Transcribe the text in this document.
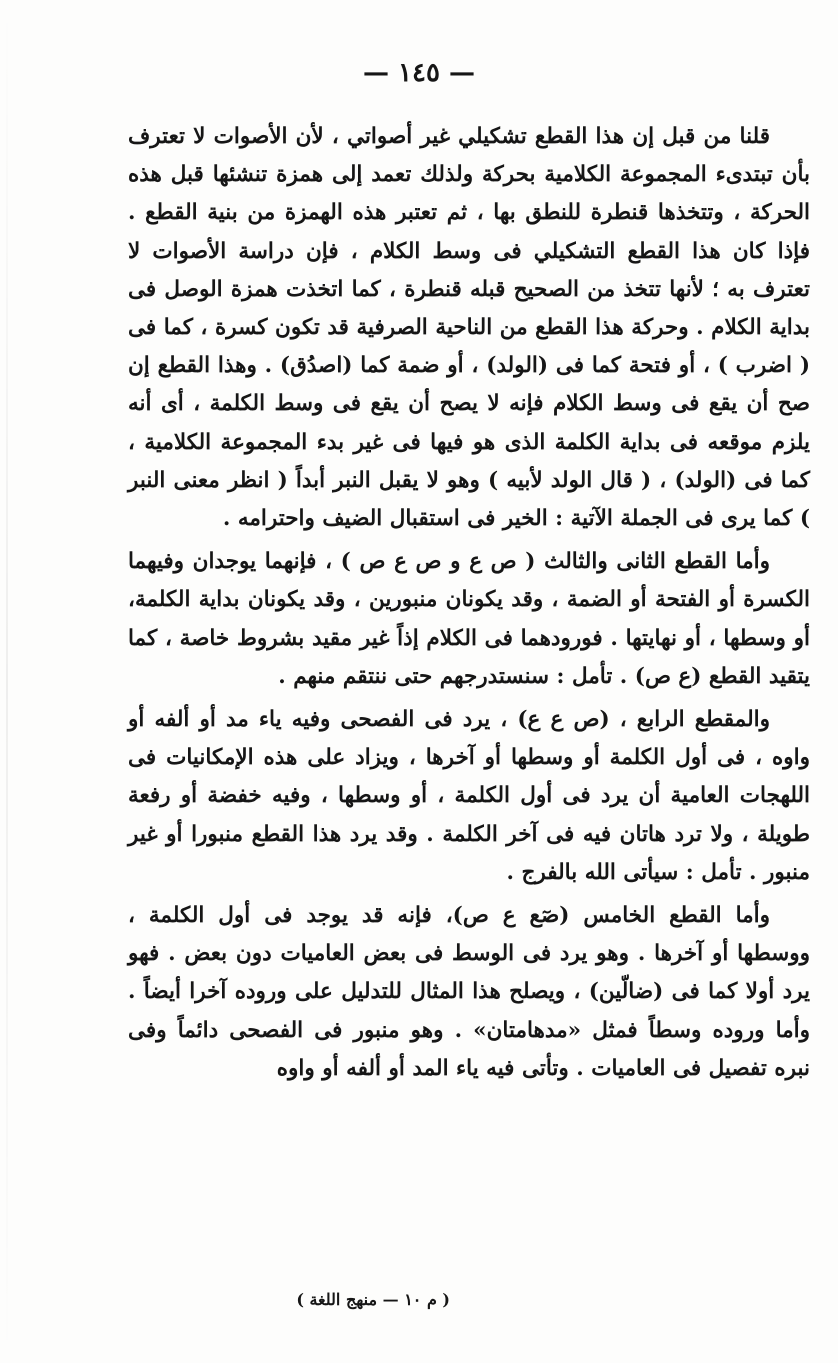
— ١٤٥ —

قلنا من قبل إن هذا القطع تشكيلي غير أصواتي ، لأن الأصوات لا تعترف بأن تبتدىء المجموعة الكلامية بحركة ولذلك تعمد إلى همزة تنشئها قبل هذه الحركة ، وتتخذها قنطرة للنطق بها ، ثم تعتبر هذه الهمزة من بنية القطع . فإذا كان هذا القطع التشكيلي فى وسط الكلام ، فإن دراسة الأصوات لا تعترف به ؛ لأنها تتخذ من الصحيح قبله قنطرة ، كما اتخذت همزة الوصل فى بداية الكلام . وحركة هذا القطع من الناحية الصرفية قد تكون كسرة ، كما فى ( اضرب ) ، أو فتحة كما فى (الولد) ، أو ضمة كما (اصدُق) . وهذا القطع إن صح أن يقع فى وسط الكلام فإنه لا يصح أن يقع فى وسط الكلمة ، أى أنه يلزم موقعه فى بداية الكلمة الذى هو فيها فى غير بدء المجموعة الكلامية ، كما فى (الولد) ، ( قال الولد لأبيه ) وهو لا يقبل النبر أبداً ( انظر معنى النبر ) كما يرى فى الجملة الآتية : الخير فى استقبال الضيف واحترامه .

وأما القطع الثانى والثالث ( ص ع و ص ع ص ) ، فإنهما يوجدان وفيهما الكسرة أو الفتحة أو الضمة ، وقد يكونان منبورين ، وقد يكونان بداية الكلمة، أو وسطها ، أو نهايتها . فورودهما فى الكلام إذاً غير مقيد بشروط خاصة ، كما يتقيد القطع (ع ص) . تأمل : سنستدرجهم حتى ننتقم منهم .

والمقطع الرابع ، (ص ع ع) ، يرد فى الفصحى وفيه ياء مد أو ألفه أو واوه ، فى أول الكلمة أو وسطها أو آخرها ، ويزاد على هذه الإمكانيات فى اللهجات العامية أن يرد فى أول الكلمة ، أو وسطها ، وفيه خفضة أو رفعة طويلة ، ولا ترد هاتان فيه فى آخر الكلمة . وقد يرد هذا القطع منبورا أو غير منبور . تأمل : سيأتى الله بالفرج .

وأما القطع الخامس (صٓع ع ص)، فإنه قد يوجد فى أول الكلمة ، ووسطها أو آخرها . وهو يرد فى الوسط فى بعض العاميات دون بعض . فهو يرد أولا كما فى (ضالّين) ، ويصلح هذا المثال للتدليل على وروده آخرا أيضاً . وأما وروده وسطاً فمثل «مدهامتان» . وهو منبور فى الفصحى دائماً وفى نبره تفصيل فى العاميات . وتأتى فيه ياء المد أو ألفه أو واوه

( م ١٠ — منهج اللغة )
